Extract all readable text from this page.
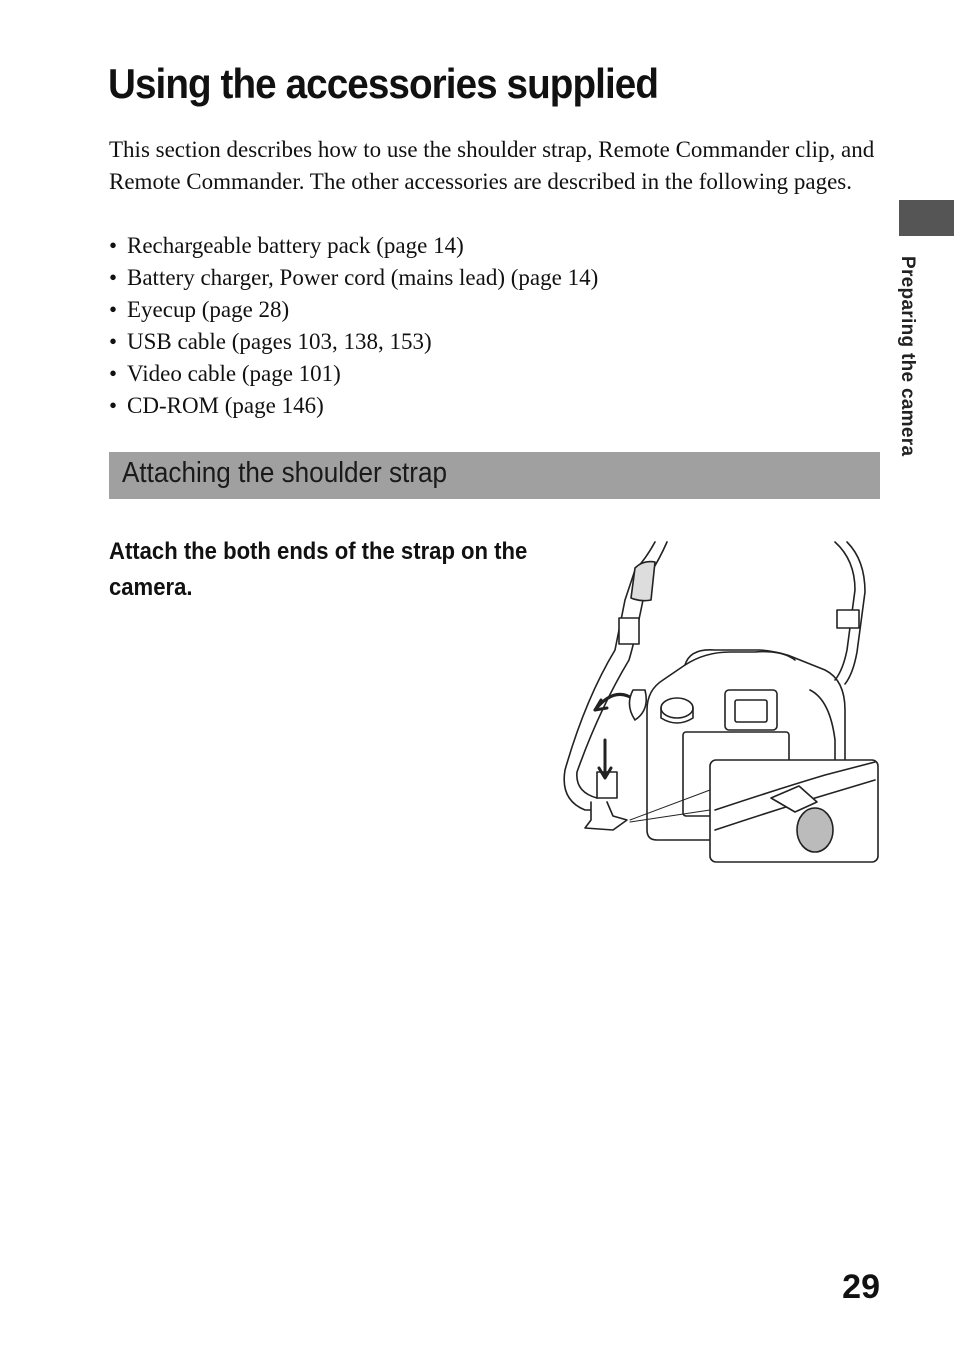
Using the accessories supplied

This section describes how to use the shoulder strap, Remote Commander clip, and Remote Commander. The other accessories are described in the following pages.

• Rechargeable battery pack (page 14)
• Battery charger, Power cord (mains lead) (page 14)
• Eyecup (page 28)
• USB cable (pages 103, 138, 153)
• Video cable (page 101)
• CD-ROM (page 146)
Attaching the shoulder strap
Attach the both ends of the strap on the camera.
Preparing the camera
29
